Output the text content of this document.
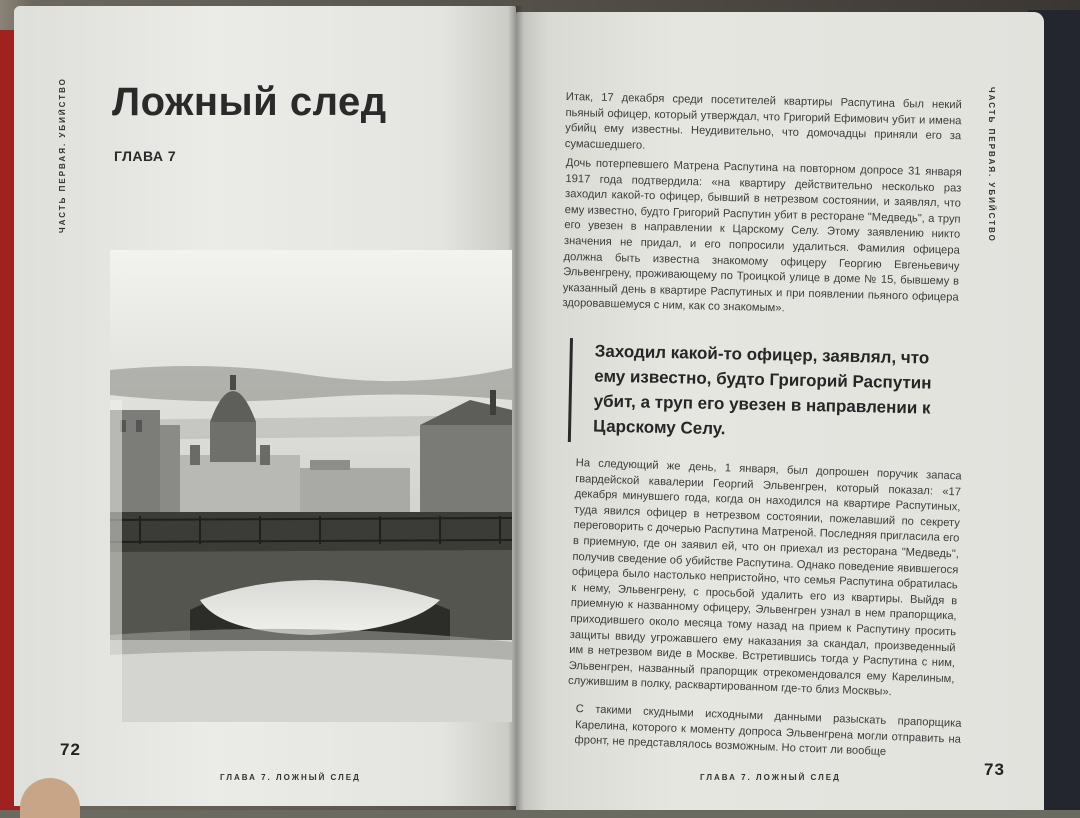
ЧАСТЬ ПЕРВАЯ. УБИЙСТВО Ложный след
ГЛАВА 7
72
ГЛАВА 7. ЛОЖНЫЙ СЛЕД
ЧАСТЬ ПЕРВАЯ. УБИЙСТВО

Итак, 17 декабря среди посетителей квартиры Распутина был некий пьяный офицер, который утверждал, что Григорий Ефимович убит и имена убийц ему известны. Неудивительно, что домочадцы приняли его за сумасшедшего.

Дочь потерпевшего Матрена Распутина на повторном допросе 31 января 1917 года подтвердила: «на квартиру действительно несколько раз заходил какой-то офицер, бывший в нетрезвом состоянии, и заявлял, что ему известно, будто Григорий Распутин убит в ресторане "Медведь", а труп его увезен в направлении к Царскому Селу. Этому заявлению никто значения не придал, и его попросили удалиться. Фамилия офицера должна быть известна знакомому офицеру Георгию Евгеньевичу Эльвенгрену, проживающему по Троицкой улице в доме № 15, бывшему в указанный день в квартире Распутиных и при появлении пьяного офицера здоровавшемуся с ним, как со знакомым».

Заходил какой-то офицер, заявлял, что ему известно, будто Григорий Распутин убит, а труп его увезен в направлении к Царскому Селу.

На следующий же день, 1 января, был допрошен поручик запаса гвардейской кавалерии Георгий Эльвенгрен, который показал: «17 декабря минувшего года, когда он находился на квартире Распутиных, туда явился офицер в нетрезвом состоянии, пожелавший по секрету переговорить с дочерью Распутина Матреной. Последняя пригласила его в приемную, где он заявил ей, что он приехал из ресторана "Медведь", получив сведение об убийстве Распутина. Однако поведение явившегося офицера было настолько непристойно, что семья Распутина обратилась к нему, Эльвенгрену, с просьбой удалить его из квартиры. Выйдя в приемную к названному офицеру, Эльвенгрен узнал в нем прапорщика, приходившего около месяца тому назад на прием к Распутину просить защиты ввиду угрожавшего ему наказания за скандал, произведенный им в нетрезвом виде в Москве. Встретившись тогда у Распутина с ним, Эльвенгрен, названный прапорщик отрекомендовался ему Карелиным, служившим в полку, расквартированном где-то близ Москвы».

С такими скудными исходными данными разыскать прапорщика Карелина, которого к моменту допроса Эльвенгрена могли отправить на фронт, не представлялось возможным. Но стоит ли вообще

ГЛАВА 7. ЛОЖНЫЙ СЛЕД	73
